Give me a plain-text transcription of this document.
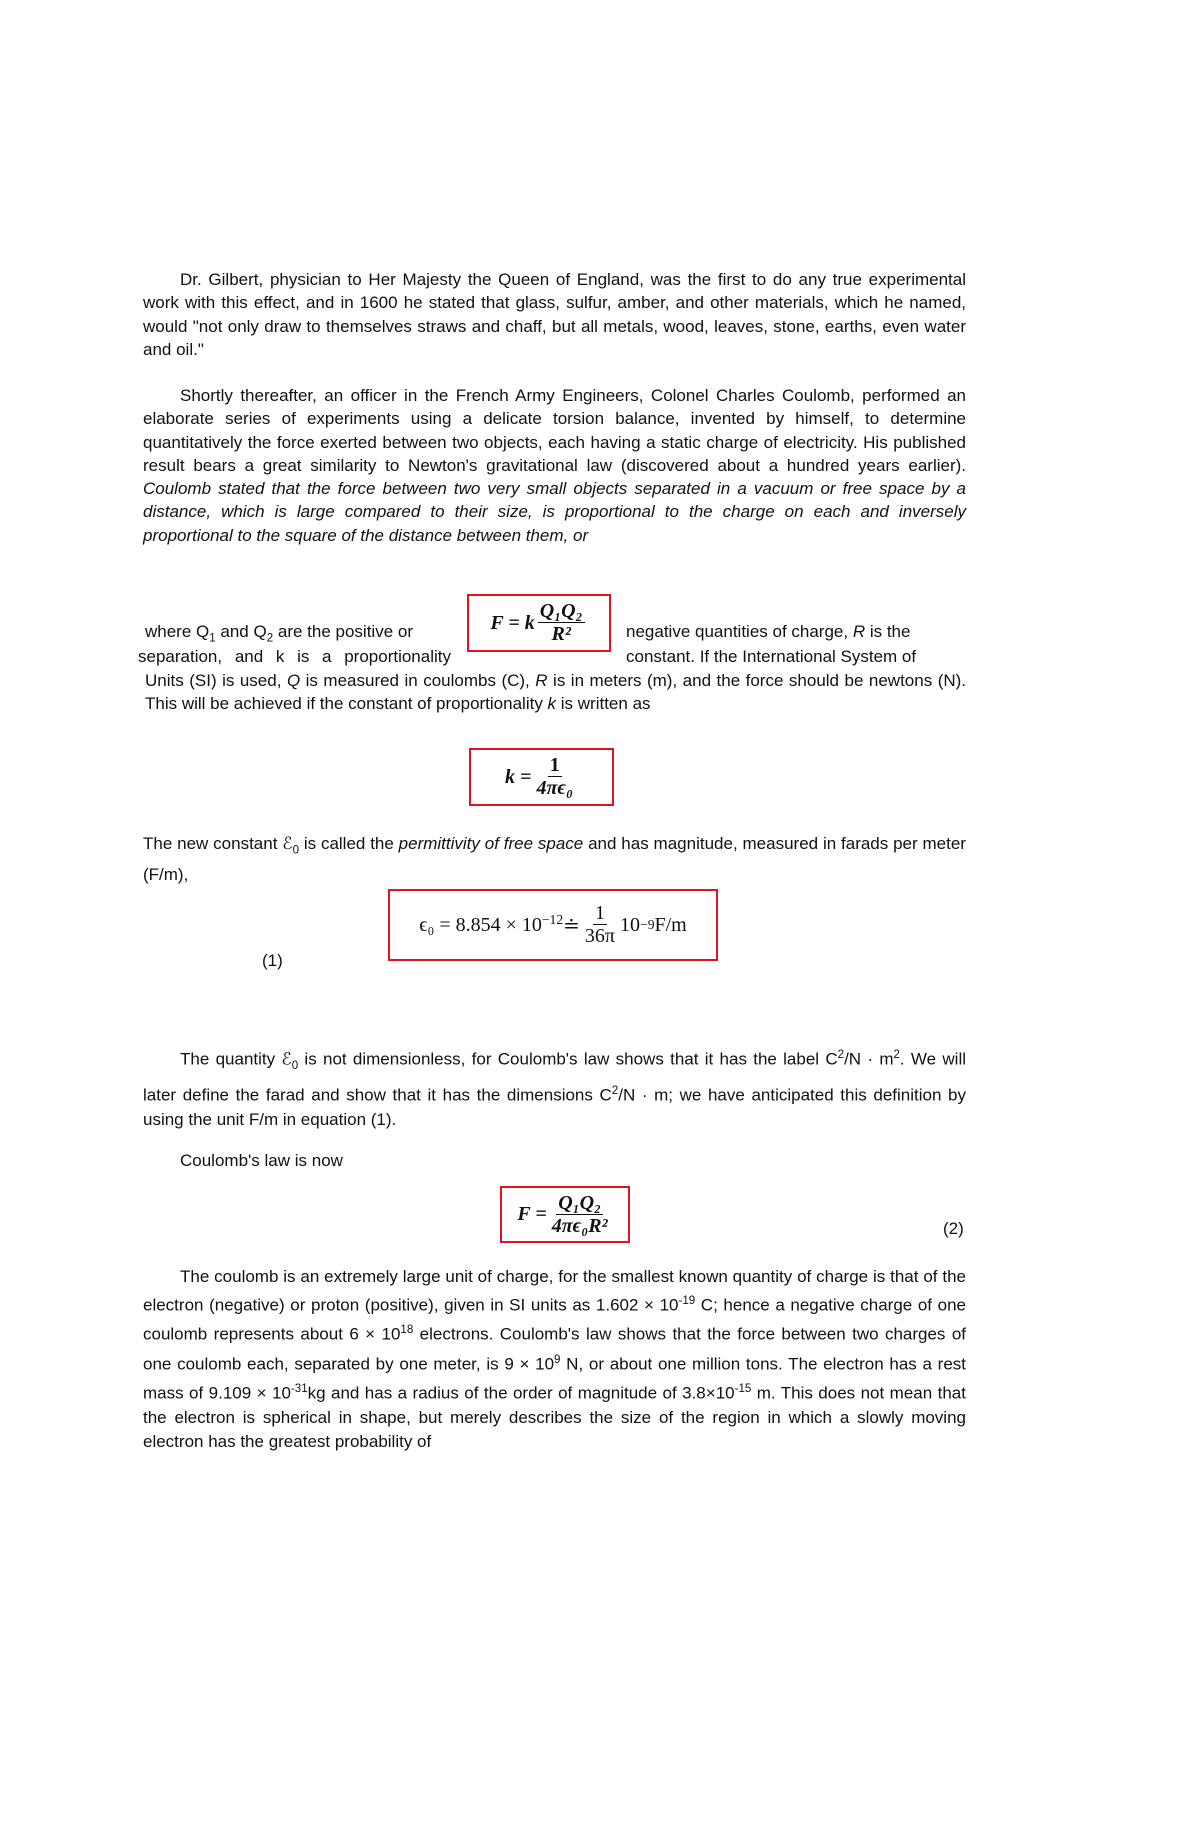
Dr. Gilbert, physician to Her Majesty the Queen of England, was the first to do any true experimental work with this effect, and in 1600 he stated that glass, sulfur, amber, and other materials, which he named, would "not only draw to themselves straws and chaff, but all metals, wood, leaves, stone, earths, even water and oil."

Shortly thereafter, an officer in the French Army Engineers, Colonel Charles Coulomb, performed an elaborate series of experiments using a delicate torsion balance, invented by himself, to determine quantitatively the force exerted between two objects, each having a static charge of electricity. His published result bears a great similarity to Newton's gravitational law (discovered about a hundred years earlier). Coulomb stated that the force between two very small objects separated in a vacuum or free space by a distance, which is large compared to their size, is proportional to the charge on each and inversely proportional to the square of the distance between them, or

F = k $\frac{\text{Q₁Q₂}}{\text{R²}}$

where $Q_1$ and $Q_2$ are the positive or

separation, and k is a proportionality

negative quantities of charge, R is the

constant. If the International System of

Units (SI) is used, Q is measured in coulombs (C), R is in meters (m), and the force should be newtons (N). This will be achieved if the constant of proportionality k is written as

$k = \frac{1}{\text{4πϵ₀}}$

The new constant ℰ$_0$ is called the permittivity of free space and has magnitude, measured in farads per meter (F/m),

$\epsilon_0 = 8.854 \times 10^{-12}$ ≐ $\frac{1}{36\pi} 10 -9$ F/m
(1)

The quantity ℰ$_0$ is not dimensionless, for Coulomb's law shows that it has the label $C^2/N \cdot m^2$. We will later define the farad and show that it has the dimensions $C^2/N \cdot m$; we have anticipated this definition by using the unit F/m in equation (1).

Coulomb's law is now

$F = \frac{\text{Q₁Q₂}}{\text{4πϵ₀R²}}$	(2)

The coulomb is an extremely large unit of charge, for the smallest known quantity of charge is that of the electron (negative) or proton (positive), given in SI units as $1.602 \times 10^{-19}$ C; hence a negative charge of one coulomb represents about $6 \times 10^{18}$ electrons. Coulomb's law shows that the force between two charges of one coulomb each, separated by one meter, is $9 \times 10^9$ N, or about one million tons. The electron has a rest mass of $9.109 \times 10^{-31}kg$ and has a radius of the order of magnitude of $3.8\times 10^{-15}$ m. This does not mean that the electron is spherical in shape, but merely describes the size of the region in which a slowly moving electron has the greatest probability of
